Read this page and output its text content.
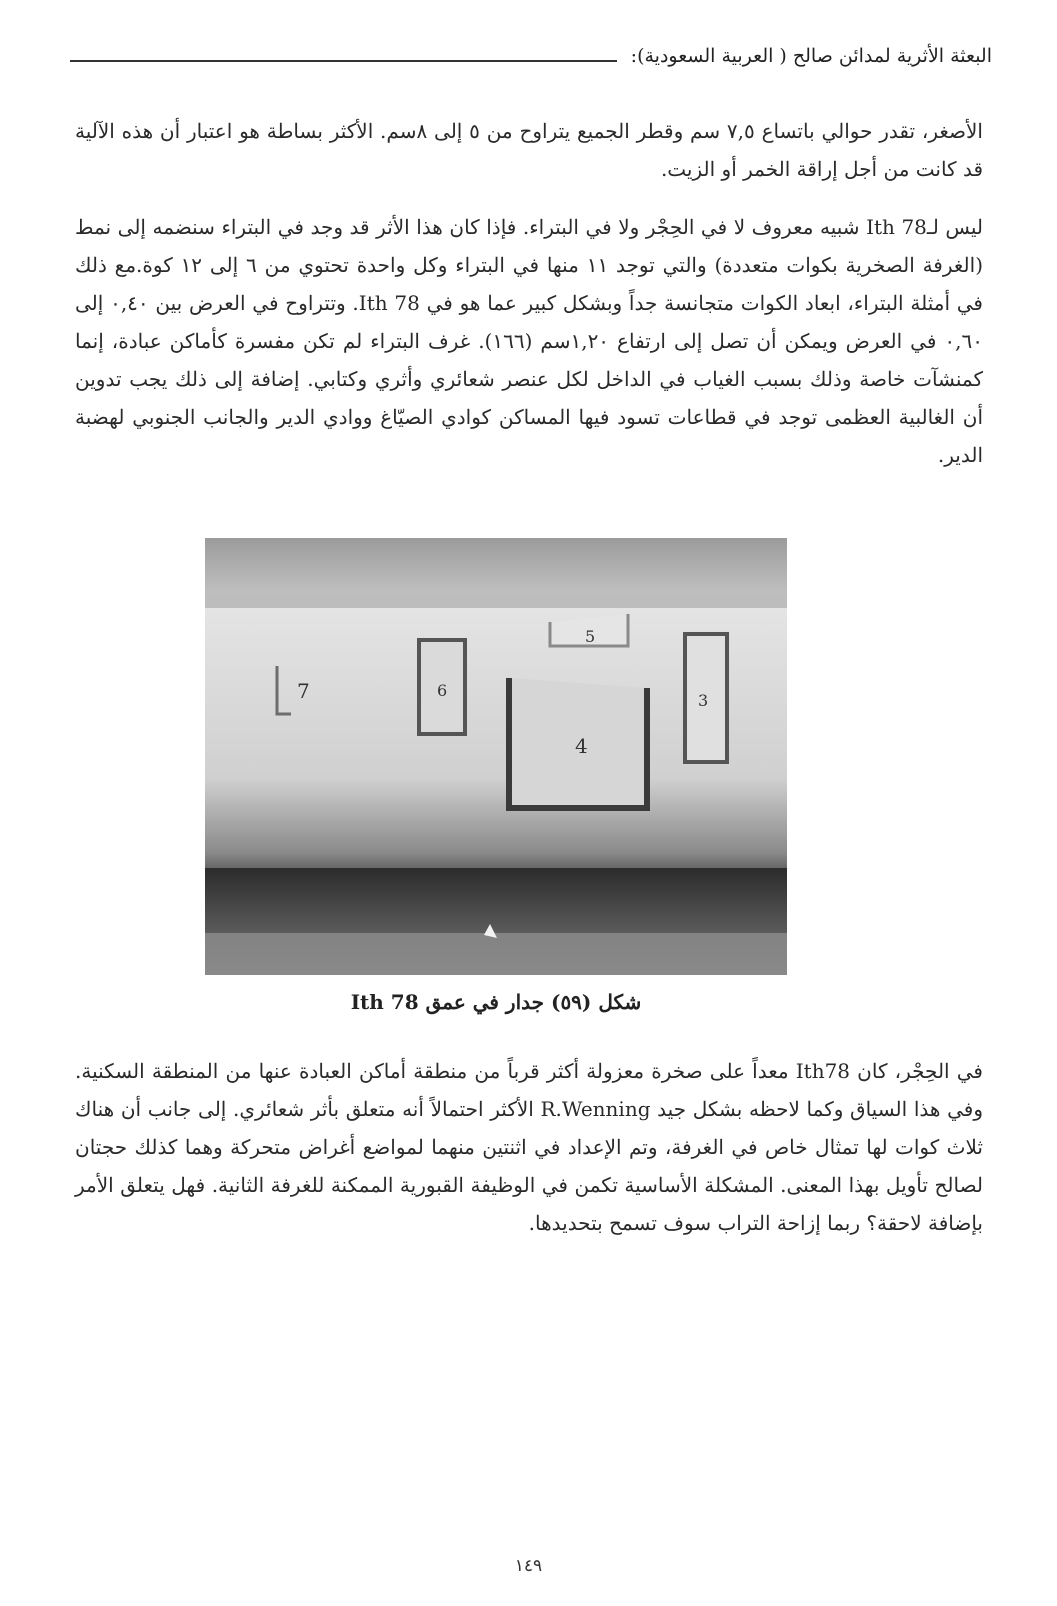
البعثة الأثرية لمدائن صالح ( العربية السعودية):

الأصغر، تقدر حوالي باتساع ٧,٥ سم وقطر الجميع يتراوح من ٥ إلى ٨سم. الأكثر بساطة هو اعتبار أن هذه الآلية قد كانت من أجل إراقة الخمر أو الزيت.

ليس لـ78 Ith شبيه معروف لا في الحِجْر ولا في البتراء. فإذا كان هذا الأثر قد وجد في البتراء سنضمه إلى نمط (الغرفة الصخرية بكوات متعددة) والتي توجد ١١ منها في البتراء وكل واحدة تحتوي من ٦ إلى ١٢ كوة.مع ذلك في أمثلة البتراء، ابعاد الكوات متجانسة جداً وبشكل كبير عما هو في Ith 78. وتتراوح في العرض بين ٠,٤٠ إلى ٠,٦٠ في العرض ويمكن أن تصل إلى ارتفاع ١,٢٠سم (١٦٦). غرف البتراء لم تكن مفسرة كأماكن عبادة، إنما كمنشآت خاصة وذلك بسبب الغياب في الداخل لكل عنصر شعائري وأثري وكتابي. إضافة إلى ذلك يجب تدوين أن الغالبية العظمى توجد في قطاعات تسود فيها المساكن كوادي الصيّاغ ووادي الدير والجانب الجنوبي لهضبة الدير.

7	6
5
4
3
شكل (٥٩) جدار في عمق Ith 78

في الحِجْر، كان Ith78 معداً على صخرة معزولة أكثر قرباً من منطقة أماكن العبادة عنها من المنطقة السكنية. وفي هذا السياق وكما لاحظه بشكل جيد R.Wenning الأكثر احتمالاً أنه متعلق بأثر شعائري. إلى جانب أن هناك ثلاث كوات لها تمثال خاص في الغرفة، وتم الإعداد في اثنتين منهما لمواضع أغراض متحركة وهما كذلك حجتان لصالح تأويل بهذا المعنى. المشكلة الأساسية تكمن في الوظيفة القبورية الممكنة للغرفة الثانية. فهل يتعلق الأمر بإضافة لاحقة؟ ربما إزاحة التراب سوف تسمح بتحديدها.

١٤٩
